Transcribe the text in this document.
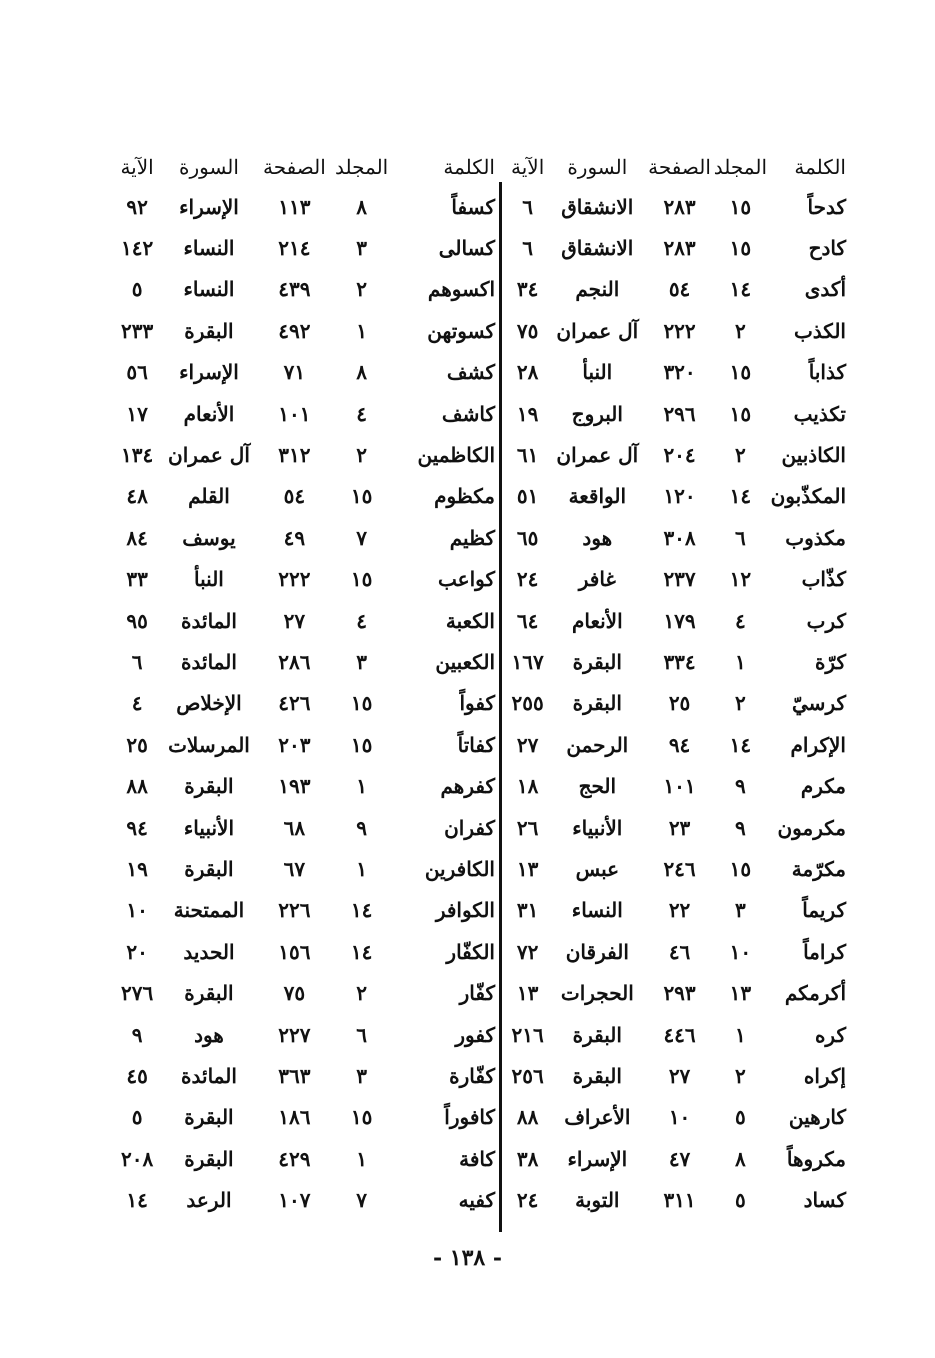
الكلمة	المجلد	الصفحة	السورة	الآية
كدحاً	١٥	٢٨٣	الانشقاق	٦
كادح	١٥	٢٨٣	الانشقاق	٦
أكدى	١٤	٥٤	النجم	٣٤
الكذب	٢	٢٢٢	آل عمران	٧٥
كذاباً	١٥	٣٢٠	النبأ	٢٨
تكذيب	١٥	٢٩٦	البروج	١٩
الكاذبين	٢	٢٠٤	آل عمران	٦١
المكذّبون	١٤	١٢٠	الواقعة	٥١
مكذوب	٦	٣٠٨	هود	٦٥
كذّاب	١٢	٢٣٧	غافر	٢٤
كرب	٤	١٧٩	الأنعام	٦٤
كرّة	١	٣٣٤	البقرة	١٦٧
كرسيّ	٢	٢٥	البقرة	٢٥٥
الإكرام	١٤	٩٤	الرحمن	٢٧
مكرم	٩	١٠١	الحج	١٨
مكرمون	٩	٢٣	الأنبياء	٢٦
مكرّمة	١٥	٢٤٦	عبس	١٣
كريماً	٣	٢٢	النساء	٣١
كراماً	١٠	٤٦	الفرقان	٧٢
أكرمكم	١٣	٢٩٣	الحجرات	١٣
كره	١	٤٤٦	البقرة	٢١٦
إكراه	٢	٢٧	البقرة	٢٥٦
كارهين	٥	١٠	الأعراف	٨٨
مكروهاً	٨	٤٧	الإسراء	٣٨
كساد	٥	٣١١	التوبة	٢٤
الكلمة	المجلد	الصفحة	السورة	الآية
كسفاً	٨	١١٣	الإسراء	٩٢
كسالى	٣	٢١٤	النساء	١٤٢
اكسوهم	٢	٤٣٩	النساء	٥
كسوتهن	١	٤٩٢	البقرة	٢٣٣
كشف	٨	٧١	الإسراء	٥٦
كاشف	٤	١٠١	الأنعام	١٧
الكاظمين	٢	٣١٢	آل عمران	١٣٤
مكظوم	١٥	٥٤	القلم	٤٨
كظيم	٧	٤٩	يوسف	٨٤
كواعب	١٥	٢٢٢	النبأ	٣٣
الكعبة	٤	٢٧	المائدة	٩٥
الكعبين	٣	٢٨٦	المائدة	٦
كفواً	١٥	٤٢٦	الإخلاص	٤
كفاتاً	١٥	٢٠٣	المرسلات	٢٥
كفرهم	١	١٩٣	البقرة	٨٨
كفران	٩	٦٨	الأنبياء	٩٤
الكافرين	١	٦٧	البقرة	١٩
الكوافر	١٤	٢٢٦	الممتحنة	١٠
الكفّار	١٤	١٥٦	الحديد	٢٠
كفّار	٢	٧٥	البقرة	٢٧٦
كفور	٦	٢٢٧	هود	٩
كفّارة	٣	٣٦٣	المائدة	٤٥
كافوراً	١٥	١٨٦	البقرة	٥
كافة	١	٤٢٩	البقرة	٢٠٨
كفيه	٧	١٠٧	الرعد	١٤
- ١٣٨ -
